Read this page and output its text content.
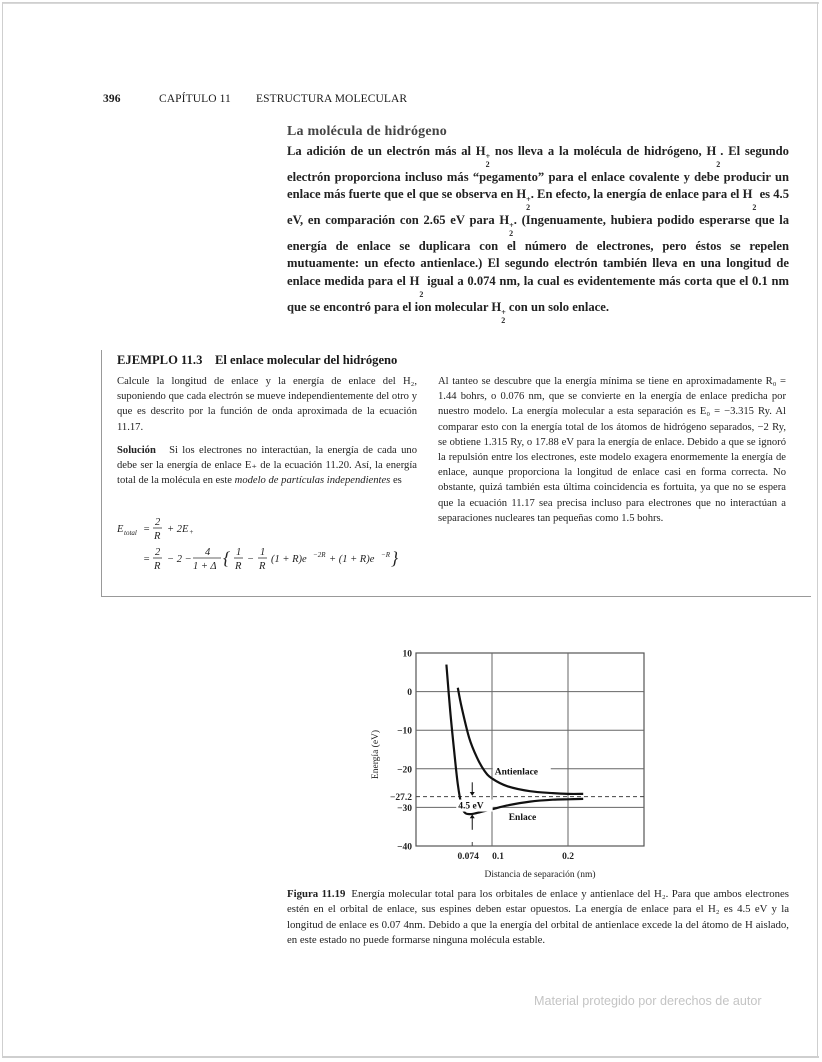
396	CAPÍTULO 11 ESTRUCTURA MOLECULAR
La molécula de hidrógeno

La adición de un electrón más al H +
2
nos lleva a la molécula de hidrógeno, H

2
. El segundo electrón proporciona incluso más “pegamento” para el enlace covalente y debe producir un enlace más fuerte que el que se observa en H +
2
. En efecto, la energía de enlace para el H

2
es 4.5 eV, en comparación con 2.65 eV para H +
2
. (Ingenuamente, hubiera podido esperarse que la energía de enlace se duplicara con el número de electrones, pero éstos se repelen mutuamente: un efecto antienlace.) El segundo electrón también lleva en una longitud de enlace medida para el H

2
igual a 0.074 nm, la cual es evidentemente más corta que el 0.1 nm que se encontró para el ion molecular H +
2
con un solo enlace.

EJEMPLO 11.3 El enlace molecular del hidrógeno

Calcule la longitud de enlace y la energía de enlace del H₂, suponiendo que cada electrón se mueve independientemente del otro y que es descrito por la función de onda aproximada de la ecuación 11.17.

Solución Si los electrones no interactúan, la energía de cada uno debe ser la energía de enlace E₊ de la ecuación 11.20. Así, la energía total de la molécula en este modelo de partículas independientes es

E total =
2
R
+ 2 E +
=
2
R
− 2 −
4
1 + Δ { 1
R
−
1
R
(1 + R)e −2R + (1 + R)e −R }

Al tanteo se descubre que la energía mínima se tiene en aproximadamente R₀ = 1.44 bohrs, o 0.076 nm, que se convierte en la energía de enlace predicha por nuestro modelo. La energía molecular a esta separación es E₀ = −3.315 Ry. Al comparar esto con la energía total de los átomos de hidrógeno separados, −2 Ry, se obtiene 1.315 Ry, o 17.88 eV para la energía de enlace. Debido a que se ignoró la repulsión entre los electrones, este modelo exagera enormemente la energía de enlace, aunque proporciona la longitud de enlace casi en forma correcta. No obstante, quizá también esta última coincidencia es fortuita, ya que no se espera que la ecuación 11.17 sea precisa incluso para electrones que no interactúan a separaciones nucleares tan pequeñas como 1.5 bohrs.

10
0
−10
−20
−27.2
−30
−40
0.074 0.1	0.2
Distancia de separación (nm)
Energía (eV)	Antienlace
Enlace
4.5 eV
Figura 11.19 Energía molecular total para los orbitales de enlace y antienlace del H₂. Para que ambos electrones estén en el orbital de enlace, sus espines deben estar opuestos. La energía de enlace para el H₂ es 4.5 eV y la longitud de enlace es 0.07 4nm. Debido a que la energía del orbital de antienlace excede la del átomo de H aislado, en este estado no puede formarse ninguna molécula estable.
Material protegido por derechos de autor
